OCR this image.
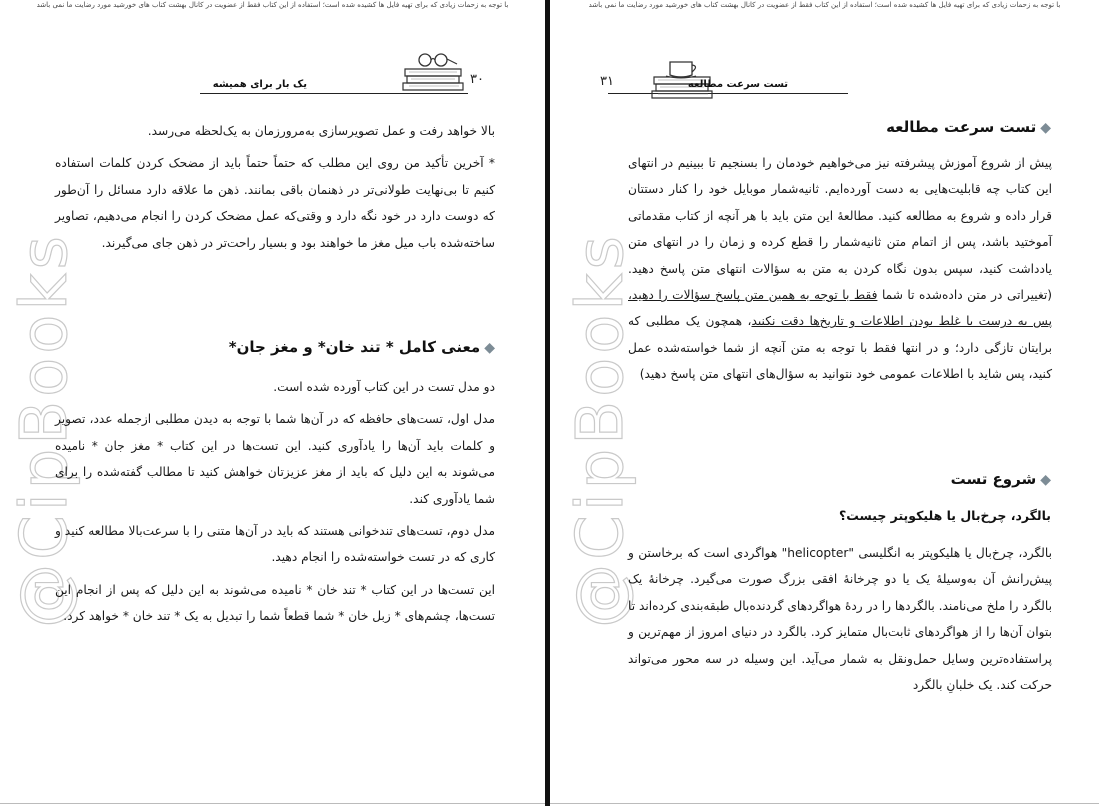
با توجه به زحمات زیادی که برای تهیه فایل ها کشیده شده است؛ استفاده از این کتاب فقط از عضویت در کانال بهشت کتاب های خورشید مورد رضایت ما نمی باشد
یک بار برای همیشه	۳۰
@CipBooks

بالا خواهد رفت و عمل تصویرسازی به‌مرورزمان به یک‌لحظه می‌رسد.

* آخرین تأکید من روی این مطلب که حتماً حتماً باید از مضحک کردن کلمات استفاده کنیم تا بی‌نهایت طولانی‌تر در ذهنمان باقی بمانند. ذهن ما علاقه دارد مسائل را آن‌طور که دوست دارد در خود نگه دارد و وقتی‌که عمل مضحک کردن را انجام می‌دهیم، تصاویر ساخته‌شده باب میل مغز ما خواهند بود و بسیار راحت‌تر در ذهن جای می‌گیرند.

◆معنی کامل * تند خان* و مغز جان*

دو مدل تست در این کتاب آورده شده است.

مدل اول، تست‌های حافظه که در آن‌ها شما با توجه به دیدن مطلبی ازجمله عدد، تصویر و کلمات باید آن‌ها را یادآوری کنید. این تست‌ها در این کتاب * مغز جان * نامیده می‌شوند به این دلیل که باید از مغز عزیزتان خواهش کنید تا مطالب گفته‌شده را برای شما یادآوری کند.

مدل دوم، تست‌های تندخوانی هستند که باید در آن‌ها متنی را با سرعت‌بالا مطالعه کنید و کاری که در تست خواسته‌شده را انجام دهید.

این تست‌ها در این کتاب * تند خان * نامیده می‌شوند به این دلیل که پس از انجام این تست‌ها، چشم‌های * زبل خان * شما قطعاً شما را تبدیل به یک * تند خان * خواهد کرد.

با توجه به زحمات زیادی که برای تهیه فایل ها کشیده شده است؛ استفاده از این کتاب فقط از عضویت در کانال بهشت کتاب های خورشید مورد رضایت ما نمی باشد
تست سرعت مطالعه
۳۱
@CipBooks
◆تست سرعت مطالعه

پیش از شروع آموزش پیشرفته نیز می‌خواهیم خودمان را بسنجیم تا ببینیم در انتهای این کتاب چه قابلیت‌هایی به دست آورده‌ایم. ثانیه‌شمار موبایل خود را کنار دستتان قرار داده و شروع به مطالعه کنید. مطالعهٔ این متن باید با هر آنچه از کتاب مقدماتی آموختید باشد، پس از اتمام متن ثانیه‌شمار را قطع کرده و زمان را در انتهای متن یادداشت کنید، سپس بدون نگاه کردن به متن به سؤالات انتهای متن پاسخ دهید. (تغییراتی در متن داده‌شده تا شما فقط با توجه به همین متن پاسخ سؤالات را دهید، پس به درست یا غلط بودن اطلاعات و تاریخ‌ها دقت نکنید، همچون یک مطلبی که برایتان تازگی دارد؛ و در انتها فقط با توجه به متن آنچه از شما خواسته‌شده عمل کنید، پس شاید با اطلاعات عمومی خود نتوانید به سؤال‌های انتهای متن پاسخ دهید)

◆شروع تست
بالگرد، چرخ‌بال یا هلیکوپتر چیست؟

بالگرد، چرخ‌بال یا هلیکوپتر به انگلیسی "helicopter" هواگردی است که برخاستن و پیش‌رانش آن به‌وسیلهٔ یک یا دو چرخانهٔ افقی بزرگ صورت می‌گیرد. چرخانهٔ یک بالگرد را ملخ می‌نامند. بالگردها را در ردهٔ هواگردهای گردنده‌بال طبقه‌بندی کرده‌اند تا بتوان آن‌ها را از هواگردهای ثابت‌بال متمایز کرد. بالگرد در دنیای امروز از مهم‌ترین و پراستفاده‌ترین وسایل حمل‌ونقل به شمار می‌آید. این وسیله در سه محور می‌تواند حرکت کند. یک خلبانِ بالگرد
